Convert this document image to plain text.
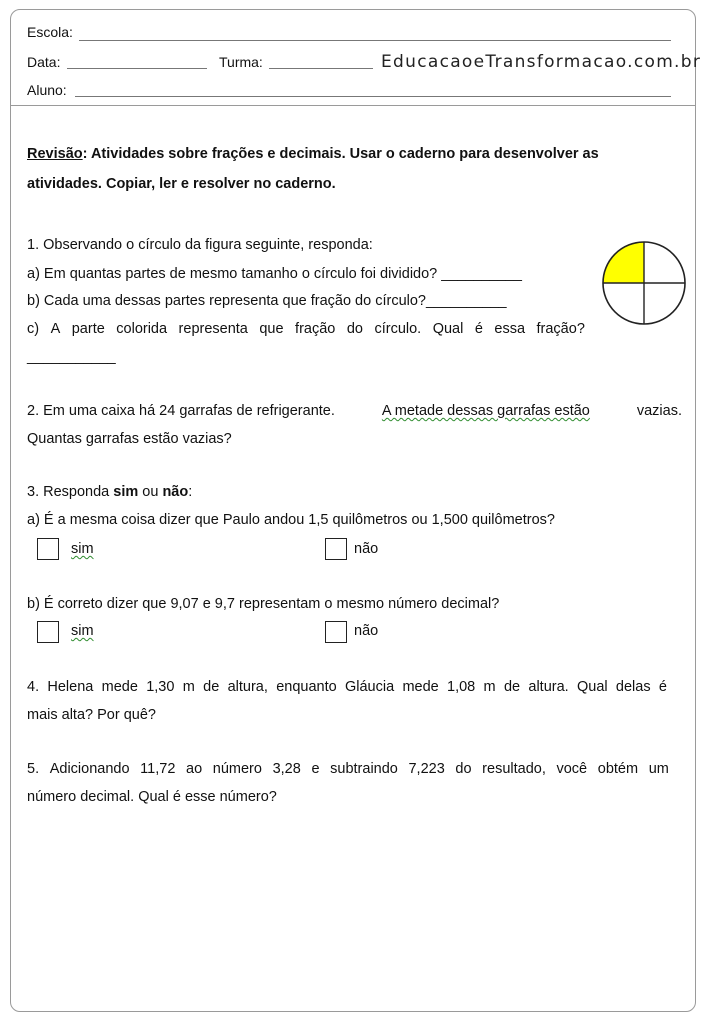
Escola:
Data:	Turma:	EducacaoeTransformacao.com.br
Aluno:
Revisão: Atividades sobre frações e decimais. Usar o caderno para desenvolver as
atividades. Copiar, ler e resolver no caderno.
1. Observando o círculo da figura seguinte, responda:
a) Em quantas partes de mesmo tamanho o círculo foi dividido? __________
b) Cada uma dessas partes representa que fração do círculo?__________
c) A parte colorida representa que fração do círculo. Qual é essa fração?
___________
2. Em uma caixa há 24 garrafas de refrigerante.	A metade dessas garrafas estão	vazias.
Quantas garrafas estão vazias?
3. Responda sim ou não:
a) É a mesma coisa dizer que Paulo andou 1,5 quilômetros ou 1,500 quilômetros?
sim	não
b) É correto dizer que 9,07 e 9,7 representam o mesmo número decimal?
sim	não
4. Helena mede 1,30 m de altura, enquanto Gláucia mede 1,08 m de altura. Qual delas é
mais alta? Por quê?
5. Adicionando 11,72 ao número 3,28 e subtraindo 7,223 do resultado, você obtém um
número decimal. Qual é esse número?
